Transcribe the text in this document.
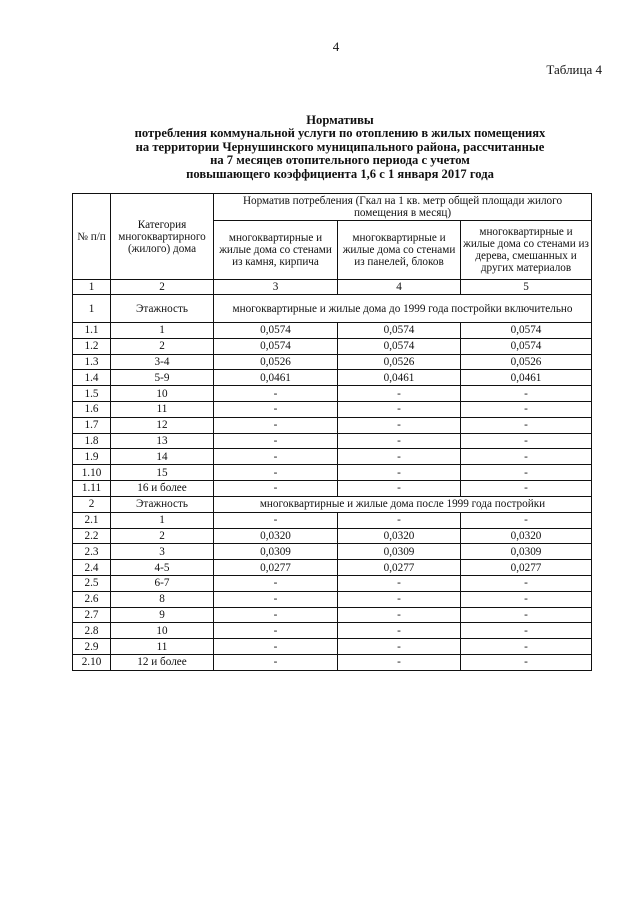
4
Таблица 4
Нормативы
потребления коммунальной услуги по отоплению в жилых помещениях
на территории Чернушинского муниципального района, рассчитанные
на 7 месяцев отопительного периода с учетом
повышающего коэффициента 1,6 с 1 января 2017 года
№ п/п	Категория многоквартирного (жилого) дома	Норматив потребления (Гкал на 1 кв. метр общей площади жилого помещения в месяц)		
		многоквартирные и жилые дома со стенами из камня, кирпича	многоквартирные и жилые дома со стенами из панелей, блоков	многоквартирные и жилые дома со стенами из дерева, смешанных и других материалов
1	2	3	4	5
1	Этажность	многоквартирные и жилые дома до 1999 года постройки включительно		
1.1	1	0,0574	0,0574	0,0574
1.2	2	0,0574	0,0574	0,0574
1.3	3-4	0,0526	0,0526	0,0526
1.4	5-9	0,0461	0,0461	0,0461
1.5	10	-	-	-
1.6	11	-	-	-
1.7	12	-	-	-
1.8	13	-	-	-
1.9	14	-	-	-
1.10	15	-	-	-
1.11	16 и более	-	-	-
2	Этажность	многоквартирные и жилые дома после 1999 года постройки		
2.1	1	-	-	-
2.2	2	0,0320	0,0320	0,0320
2.3	3	0,0309	0,0309	0,0309
2.4	4-5	0,0277	0,0277	0,0277
2.5	6-7	-	-	-
2.6	8	-	-	-
2.7	9	-	-	-
2.8	10	-	-	-
2.9	11	-	-	-
2.10	12 и более	-	-	-
